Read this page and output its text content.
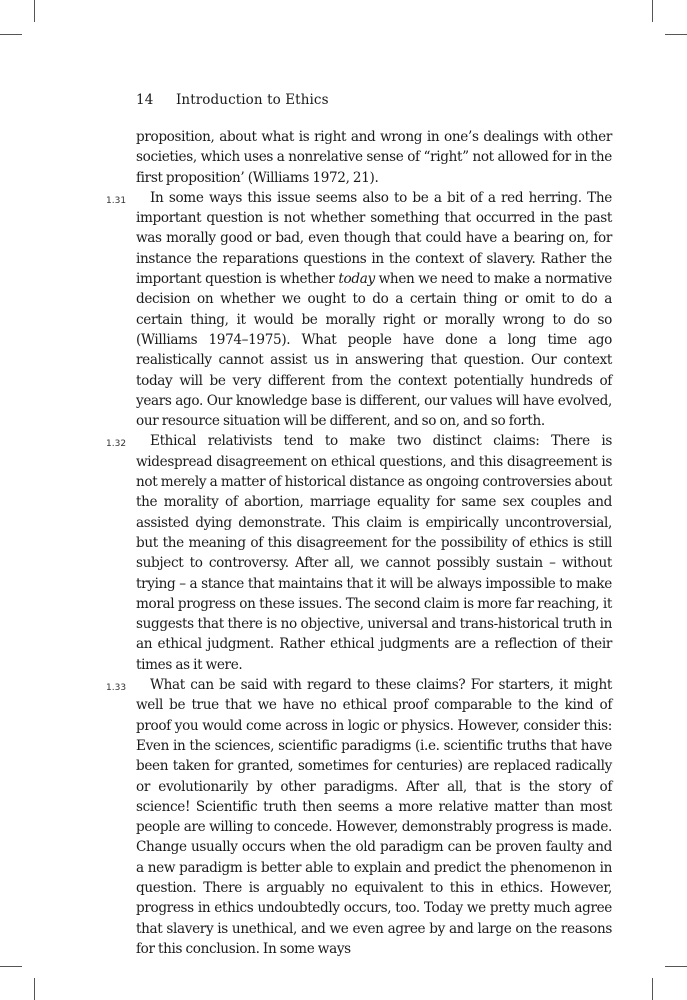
14 Introduction to Ethics

proposition, about what is right and wrong in one’s dealings with other societies, which uses a nonrelative sense of “right” not allowed for in the first proposition’ (Williams 1972, 21).

1.31 In some ways this issue seems also to be a bit of a red herring. The important question is not whether something that occurred in the past was morally good or bad, even though that could have a bearing on, for instance the reparations questions in the context of slavery. Rather the important question is whether today when we need to make a normative decision on whether we ought to do a certain thing or omit to do a certain thing, it would be morally right or morally wrong to do so (Williams 1974–1975). What people have done a long time ago realistically cannot assist us in answering that question. Our context today will be very different from the context potentially hundreds of years ago. Our knowledge base is different, our values will have evolved, our resource situation will be different, and so on, and so forth.

1.32 Ethical relativists tend to make two distinct claims: There is widespread disagreement on ethical questions, and this disagreement is not merely a matter of historical distance as ongoing controversies about the morality of abortion, marriage equality for same sex couples and assisted dying demonstrate. This claim is empirically uncontroversial, but the meaning of this disagreement for the possibility of ethics is still subject to controversy. After all, we cannot possibly sustain – without trying – a stance that maintains that it will be always impossible to make moral progress on these issues. The second claim is more far reaching, it suggests that there is no objective, universal and trans-historical truth in an ethical judgment. Rather ethical judgments are a reflection of their times as it were.

1.33 What can be said with regard to these claims? For starters, it might well be true that we have no ethical proof comparable to the kind of proof you would come across in logic or physics. However, consider this: Even in the sciences, scientific paradigms (i.e. scientific truths that have been taken for granted, sometimes for centuries) are replaced radically or evolutionarily by other paradigms. After all, that is the story of science! Scientific truth then seems a more relative matter than most people are willing to concede. However, demonstrably progress is made. Change usually occurs when the old paradigm can be proven faulty and a new paradigm is better able to explain and predict the phenomenon in question. There is arguably no equivalent to this in ethics. However, progress in ethics undoubtedly occurs, too. Today we pretty much agree that slavery is unethical, and we even agree by and large on the reasons for this conclusion. In some ways
